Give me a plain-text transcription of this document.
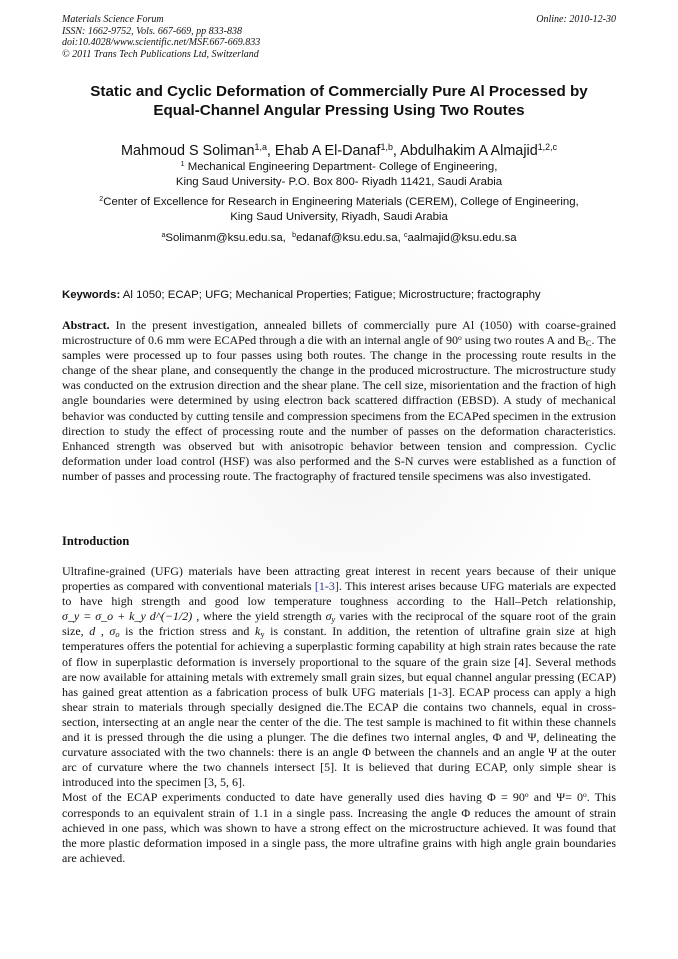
Materials Science Forum
ISSN: 1662-9752, Vols. 667-669, pp 833-838
doi:10.4028/www.scientific.net/MSF.667-669.833
© 2011 Trans Tech Publications Ltd, Switzerland
Online: 2010-12-30
Static and Cyclic Deformation of Commercially Pure Al Processed by
Equal-Channel Angular Pressing Using Two Routes
Mahmoud S Soliman$^{1,a}$, Ehab A El-Danaf$^{1,b}$, Abdulhakim A Almajid$^{1,2,c}$
$^1$ Mechanical Engineering Department- College of Engineering,
King Saud University- P.O. Box 800- Riyadh 11421, Saudi Arabia
$^2$Center of Excellence for Research in Engineering Materials (CEREM), College of Engineering,
King Saud University, Riyadh, Saudi Arabia
$^a$Solimanm@ksu.edu.sa, $^b$edanaf@ksu.edu.sa, $^c$aalmajid@ksu.edu.sa
Keywords: Al 1050; ECAP; UFG; Mechanical Properties; Fatigue; Microstructure; fractography
Abstract. In the present investigation, annealed billets of commercially pure Al (1050) with coarse-grained microstructure of 0.6 mm were ECAPed through a die with an internal angle of 90$^o$ using two routes A and $B_C$. The samples were processed up to four passes using both routes. The change in the processing route results in the change of the shear plane, and consequently the change in the produced microstructure. The microstructure study was conducted on the extrusion direction and the shear plane. The cell size, misorientation and the fraction of high angle boundaries were determined by using electron back scattered diffraction (EBSD). A study of mechanical behavior was conducted by cutting tensile and compression specimens from the ECAPed specimen in the extrusion direction to study the effect of processing route and the number of passes on the deformation characteristics. Enhanced strength was observed but with anisotropic behavior between tension and compression. Cyclic deformation under load control (HSF) was also performed and the S-N curves were established as a function of number of passes and processing route. The fractography of fractured tensile specimens was also investigated.
Introduction

Ultrafine-grained (UFG) materials have been attracting great interest in recent years because of their unique properties as compared with conventional materials [1-3]. This interest arises because UFG materials are expected to have high strength and good low temperature toughness according to the Hall–Petch relationship, σ_y = σ_o + k_y d^(−1/2) , where the yield strength $\sigma_y$ varies with the reciprocal of the square root of the grain size, d , $\sigma_o$ is the friction stress and $k_y$ is constant. In addition, the retention of ultrafine grain size at high temperatures offers the potential for achieving a superplastic forming capability at high strain rates because the rate of flow in superplastic deformation is inversely proportional to the square of the grain size [4]. Several methods are now available for attaining metals with extremely small grain sizes, but equal channel angular pressing (ECAP) has gained great attention as a fabrication process of bulk UFG materials [1-3]. ECAP process can apply a high shear strain to materials through specially designed die.The ECAP die contains two channels, equal in cross-section, intersecting at an angle near the center of the die. The test sample is machined to fit within these channels and it is pressed through the die using a plunger. The die defines two internal angles, Φ and Ψ, delineating the curvature associated with the two channels: there is an angle Φ between the channels and an angle Ψ at the outer arc of curvature where the two channels intersect [5]. It is believed that during ECAP, only simple shear is introduced into the specimen [3, 5, 6].

Most of the ECAP experiments conducted to date have generally used dies having $\Phi = 90^o$ and $\Psi= 0^o$. This corresponds to an equivalent strain of 1.1 in a single pass. Increasing the angle Φ reduces the amount of strain achieved in one pass, which was shown to have a strong effect on the microstructure achieved. It was found that the more plastic deformation imposed in a single pass, the more ultrafine grains with high angle grain boundaries are achieved.
